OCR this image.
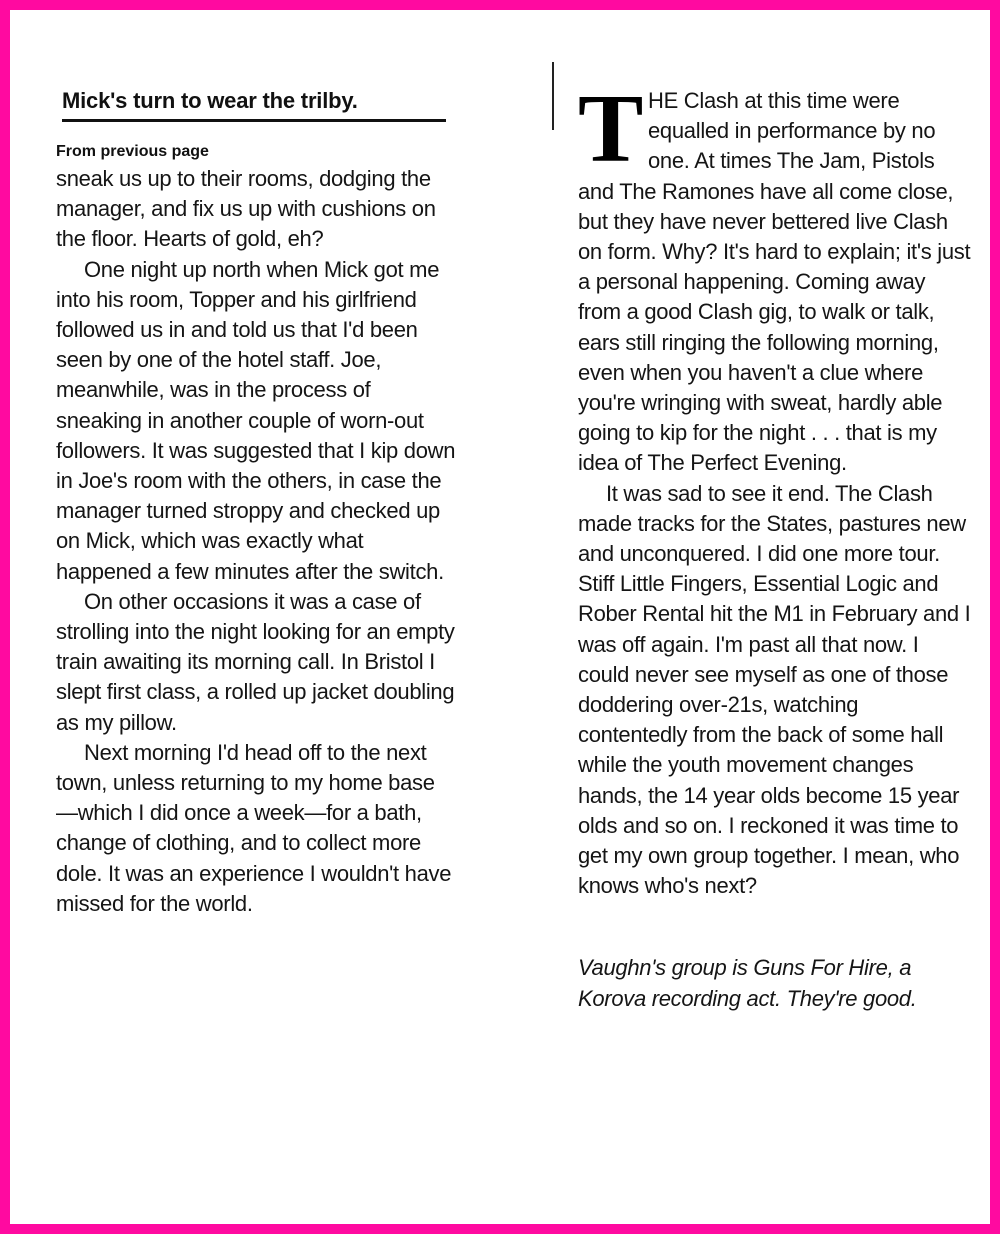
Mick's turn to wear the trilby.
From previous page

sneak us up to their rooms, dodging the manager, and fix us up with cushions on the floor. Hearts of gold, eh?

One night up north when Mick got me into his room, Topper and his girlfriend followed us in and told us that I'd been seen by one of the hotel staff. Joe, meanwhile, was in the process of sneaking in another couple of worn-out followers. It was suggested that I kip down in Joe's room with the others, in case the manager turned stroppy and checked up on Mick, which was exactly what happened a few minutes after the switch.

On other occasions it was a case of strolling into the night looking for an empty train awaiting its morning call. In Bristol I slept first class, a rolled up jacket doubling as my pillow.

Next morning I'd head off to the next town, unless returning to my home base—which I did once a week—for a bath, change of clothing, and to collect more dole. It was an experience I wouldn't have missed for the world.

T HE Clash at this time were equalled in performance by no one. At times The Jam, Pistols and The Ramones have all come close, but they have never bettered live Clash on form. Why? It's hard to explain; it's just a personal happening. Coming away from a good Clash gig, to walk or talk, ears still ringing the following morning, even when you haven't a clue where you're wringing with sweat, hardly able going to kip for the night . . . that is my idea of The Perfect Evening.

It was sad to see it end. The Clash made tracks for the States, pastures new and unconquered. I did one more tour. Stiff Little Fingers, Essential Logic and Rober Rental hit the M1 in February and I was off again. I'm past all that now. I could never see myself as one of those doddering over-21s, watching contentedly from the back of some hall while the youth movement changes hands, the 14 year olds become 15 year olds and so on. I reckoned it was time to get my own group together. I mean, who knows who's next?

Vaughn's group is Guns For Hire, a Korova recording act. They're good.
